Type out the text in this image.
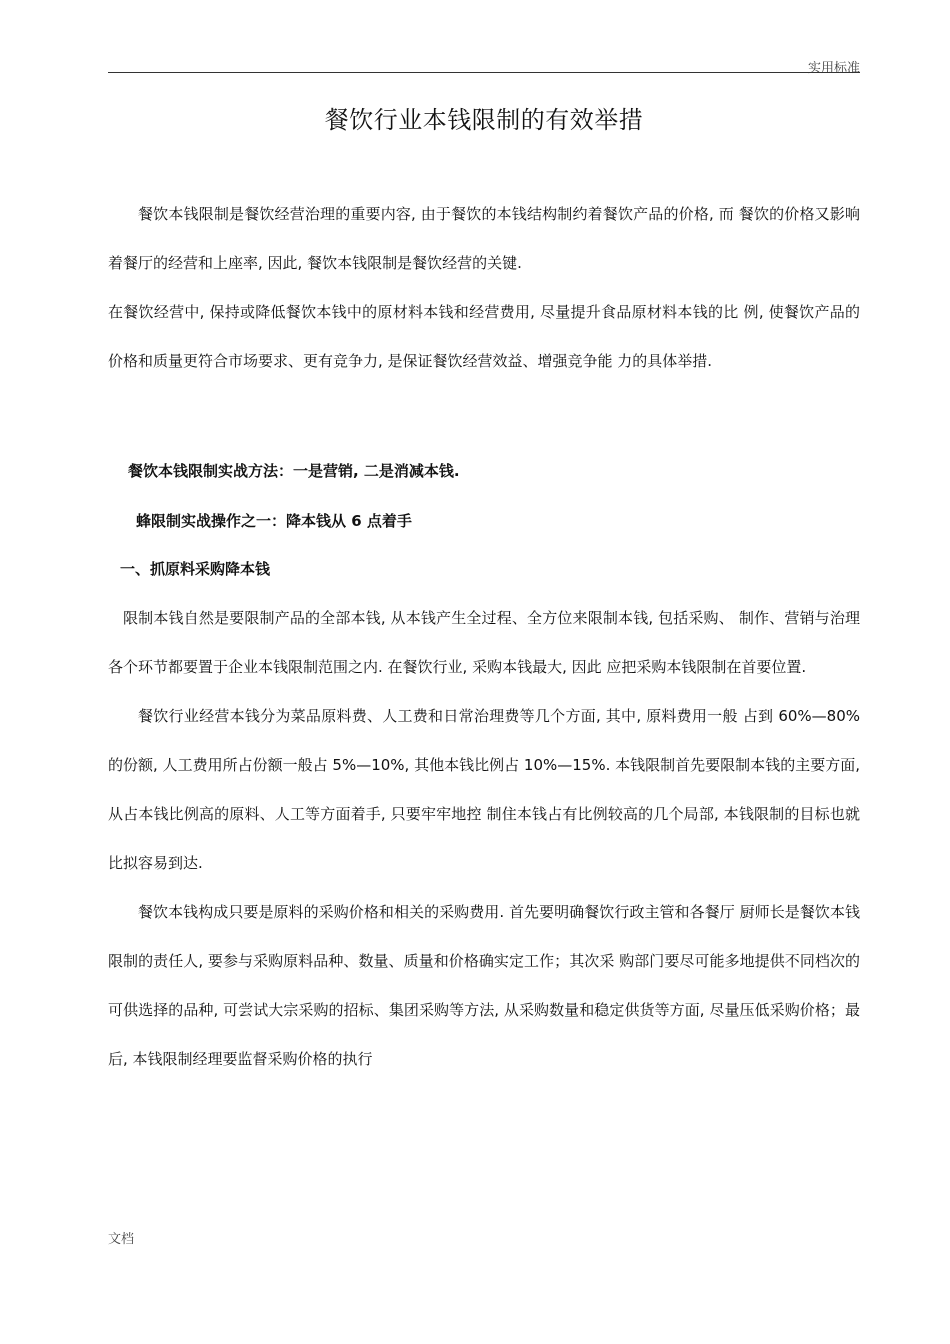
实用标准
餐饮行业本钱限制的有效举措

餐饮本钱限制是餐饮经营治理的重要内容, 由于餐饮的本钱结构制约着餐饮产品的价格, 而 餐饮的价格又影响着餐厅的经营和上座率, 因此, 餐饮本钱限制是餐饮经营的关键.

在餐饮经营中, 保持或降低餐饮本钱中的原材料本钱和经营费用, 尽量提升食品原材料本钱的比 例, 使餐饮产品的价格和质量更符合市场要求、更有竞争力, 是保证餐饮经营效益、增强竞争能 力的具体举措.

餐饮本钱限制实战方法：一是营销, 二是消减本钱.

蜂限制实战操作之一：降本钱从 6 点着手

一、抓原料采购降本钱

限制本钱自然是要限制产品的全部本钱, 从本钱产生全过程、全方位来限制本钱, 包括采购、 制作、营销与治理各个环节都要置于企业本钱限制范围之内. 在餐饮行业, 采购本钱最大, 因此 应把采购本钱限制在首要位置.

餐饮行业经营本钱分为菜品原料费、人工费和日常治理费等几个方面, 其中, 原料费用一般 占到 60%—80%的份额, 人工费用所占份额一般占 5%—10%, 其他本钱比例占 10%—15%. 本钱限制首先要限制本钱的主要方面, 从占本钱比例高的原料、人工等方面着手, 只要牢牢地控 制住本钱占有比例较高的几个局部, 本钱限制的目标也就比拟容易到达.

餐饮本钱构成只要是原料的采购价格和相关的采购费用. 首先要明确餐饮行政主管和各餐厅 厨师长是餐饮本钱限制的责任人, 要参与采购原料品种、数量、质量和价格确实定工作；其次采 购部门要尽可能多地提供不同档次的可供选择的品种, 可尝试大宗采购的招标、集团采购等方法, 从采购数量和稳定供货等方面, 尽量压低采购价格；最后, 本钱限制经理要监督采购价格的执行

文档
